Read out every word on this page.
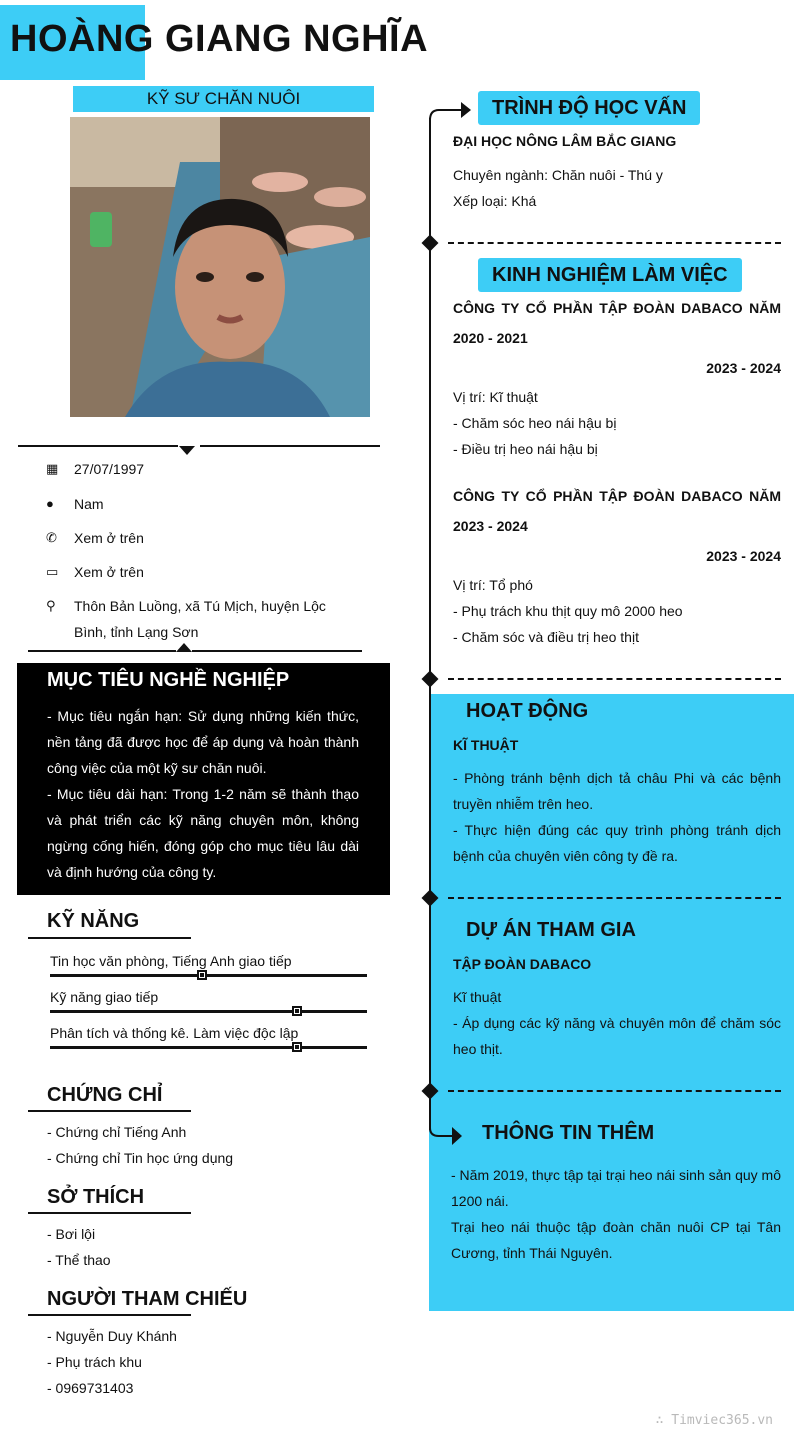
HOÀNG GIANG NGHĨA
KỸ SƯ CHĂN NUÔI
▦	27/07/1997
●	Nam
✆	Xem ở trên
▭	Xem ở trên
⚲	Thôn Bản Luồng, xã Tú Mịch, huyện Lộc Bình, tỉnh Lạng Sơn
MỤC TIÊU NGHỀ NGHIỆP
- Mục tiêu ngắn hạn: Sử dụng những kiến thức, nền tảng đã được học để áp dụng và hoàn thành công việc của một kỹ sư chăn nuôi.
- Mục tiêu dài hạn: Trong 1-2 năm sẽ thành thạo và phát triển các kỹ năng chuyên môn, không ngừng cống hiến, đóng góp cho mục tiêu lâu dài và định hướng của công ty.
KỸ NĂNG
Tin học văn phòng, Tiếng Anh giao tiếp
Kỹ năng giao tiếp
Phân tích và thống kê. Làm việc độc lập
CHỨNG CHỈ
- Chứng chỉ Tiếng Anh
- Chứng chỉ Tin học ứng dụng
SỞ THÍCH
- Bơi lội
- Thể thao
NGƯỜI THAM CHIẾU
- Nguyễn Duy Khánh
- Phụ trách khu
- 0969731403
TRÌNH ĐỘ HỌC VẤN
ĐẠI HỌC NÔNG LÂM BẮC GIANG
Chuyên ngành: Chăn nuôi - Thú y
Xếp loại: Khá
KINH NGHIỆM LÀM VIỆC
CÔNG TY CỔ PHẦN TẬP ĐOÀN DABACO NĂM 2020 - 2021
2023 - 2024
Vị trí: Kĩ thuật
- Chăm sóc heo nái hậu bị
- Điều trị heo nái hậu bị
CÔNG TY CỔ PHẦN TẬP ĐOÀN DABACO NĂM 2023 - 2024
2023 - 2024
Vị trí: Tổ phó
- Phụ trách khu thịt quy mô 2000 heo
- Chăm sóc và điều trị heo thịt
HOẠT ĐỘNG
KĨ THUẬT
- Phòng tránh bệnh dịch tả châu Phi và các bệnh truyền nhiễm trên heo.
- Thực hiện đúng các quy trình phòng tránh dịch bệnh của chuyên viên công ty đề ra.
DỰ ÁN THAM GIA
TẬP ĐOÀN DABACO
Kĩ thuật
- Áp dụng các kỹ năng và chuyên môn để chăm sóc heo thịt.
THÔNG TIN THÊM
- Năm 2019, thực tập tại trại heo nái sinh sản quy mô 1200 nái.
Trại heo nái thuộc tập đoàn chăn nuôi CP tại Tân Cương, tỉnh Thái Nguyên.
∴ Timviec365.vn
